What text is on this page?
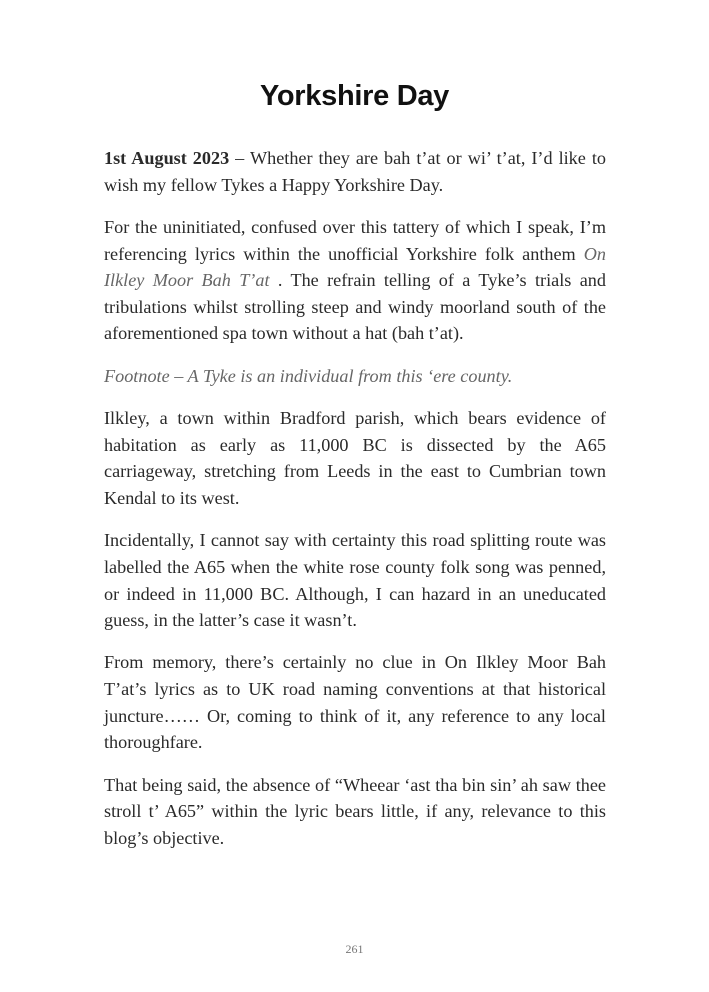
Yorkshire Day

1st August 2023 – Whether they are bah t’at or wi’ t’at, I’d like to wish my fellow Tykes a Happy Yorkshire Day.

For the uninitiated, confused over this tattery of which I speak, I’m referencing lyrics within the unofficial Yorkshire folk anthem On Ilkley Moor Bah T’at . The refrain telling of a Tyke’s trials and tribulations whilst strolling steep and windy moorland south of the aforementioned spa town without a hat (bah t’at).

Footnote – A Tyke is an individual from this ‘ere county.

Ilkley, a town within Bradford parish, which bears evidence of habitation as early as 11,000 BC is dissected by the A65 carriageway, stretching from Leeds in the east to Cumbrian town Kendal to its west.

Incidentally, I cannot say with certainty this road splitting route was labelled the A65 when the white rose county folk song was penned, or indeed in 11,000 BC. Although, I can hazard in an uneducated guess, in the latter’s case it wasn’t.

From memory, there’s certainly no clue in On Ilkley Moor Bah T’at’s lyrics as to UK road naming conventions at that historical juncture…… Or, coming to think of it, any reference to any local thoroughfare.

That being said, the absence of “Wheear ‘ast tha bin sin’ ah saw thee stroll t’ A65” within the lyric bears little, if any, relevance to this blog’s objective.

261
